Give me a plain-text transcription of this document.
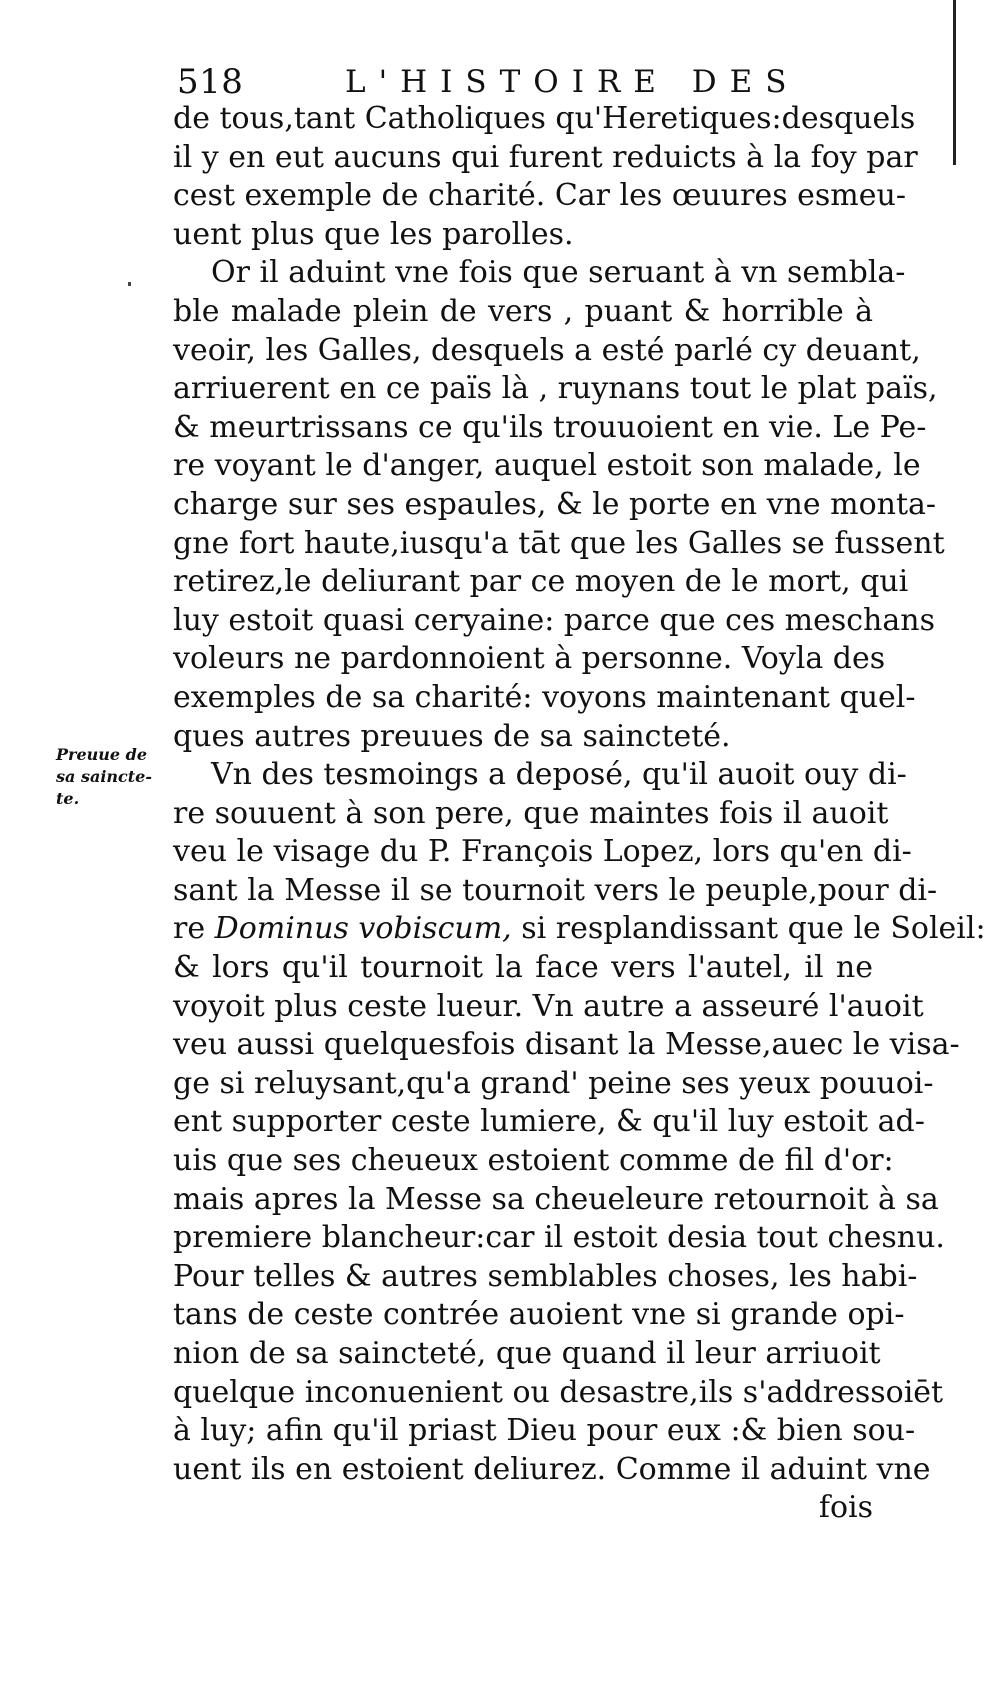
518	L'HISTOIRE DES
Preuue de
sa saincte-
te.
de tous,tant Catholiques qu'Heretiques:desquels
il y en eut aucuns qui furent reduicts à la foy par
cest exemple de charité. Car les œuures esmeu-
uent plus que les parolles.
Or il aduint vne fois que seruant à vn sembla-
ble malade plein de vers , puant & horrible à
veoir, les Galles, desquels a esté parlé cy deuant,
arriuerent en ce païs là , ruynans tout le plat païs,
& meurtrissans ce qu'ils trouuoient en vie. Le Pe-
re voyant le d'anger, auquel estoit son malade, le
charge sur ses espaules, & le porte en vne monta-
gne fort haute,iusqu'a tāt que les Galles se fussent
retirez,le deliurant par ce moyen de le mort, qui
luy estoit quasi ceryaine: parce que ces meschans
voleurs ne pardonnoient à personne. Voyla des
exemples de sa charité: voyons maintenant quel-
ques autres preuues de sa saincteté.
Vn des tesmoings a deposé, qu'il auoit ouy di-
re souuent à son pere, que maintes fois il auoit
veu le visage du P. François Lopez, lors qu'en di-
sant la Messe il se tournoit vers le peuple,pour di-
re Dominus vobiscum, si resplandissant que le Soleil:
& lors qu'il tournoit la face vers l'autel, il ne
voyoit plus ceste lueur. Vn autre a asseuré l'auoit
veu aussi quelquesfois disant la Messe,auec le visa-
ge si reluysant,qu'a grand' peine ses yeux pouuoi-
ent supporter ceste lumiere, & qu'il luy estoit ad-
uis que ses cheueux estoient comme de fil d'or:
mais apres la Messe sa cheueleure retournoit à sa
premiere blancheur:car il estoit desia tout chesnu.
Pour telles & autres semblables choses, les habi-
tans de ceste contrée auoient vne si grande opi-
nion de sa saincteté, que quand il leur arriuoit
quelque inconuenient ou desastre,ils s'addressoiēt
à luy; afin qu'il priast Dieu pour eux :& bien sou-
uent ils en estoient deliurez. Comme il aduint vne
fois
